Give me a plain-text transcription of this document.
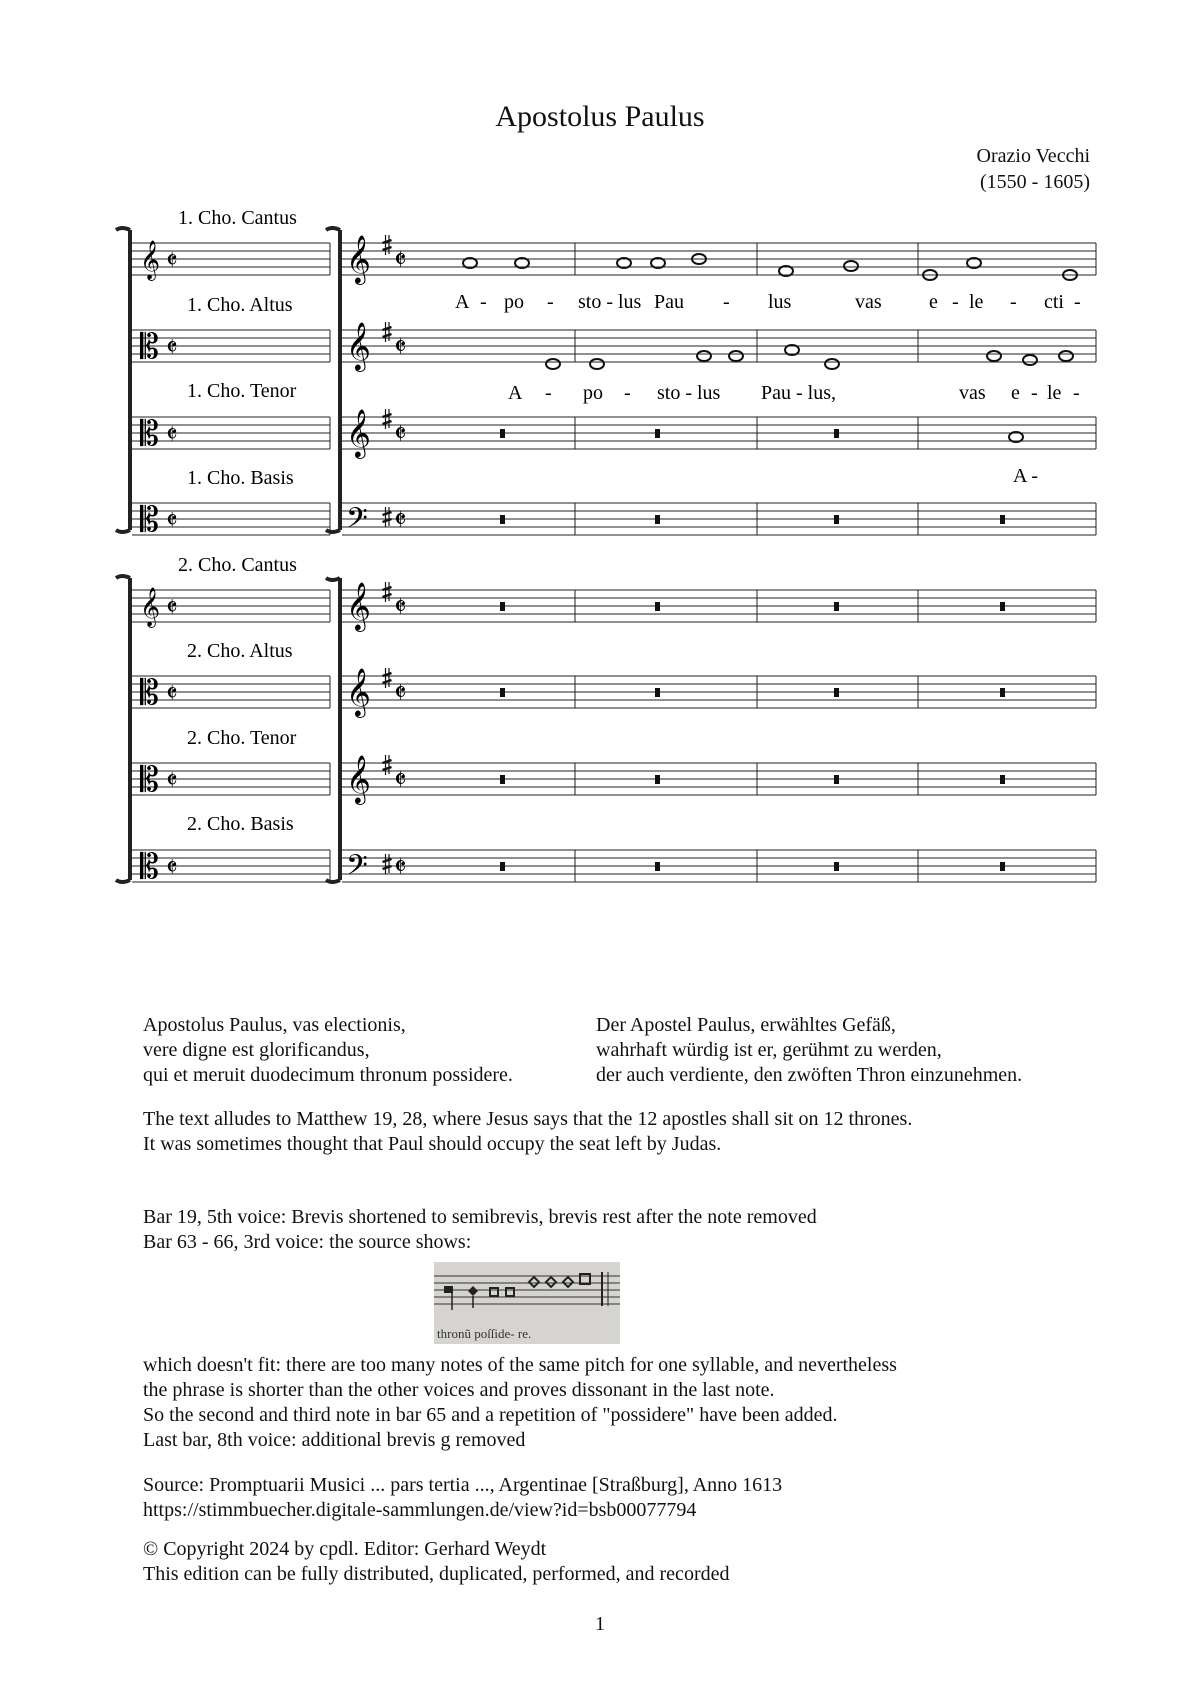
Apostolus Paulus
Orazio Vecchi
(1550 - 1605)
𝄞 𝄵
𝄞 𝄵
𝄞 𝄵
𝄡 𝄵
𝄞 𝄵
𝄡 𝄵
𝄢 𝄵
𝄡 𝄵
𝄞 𝄵
𝄞 𝄵
𝄞 𝄵
𝄡 𝄵
𝄞 𝄵
𝄡 𝄵
𝄢 𝄵
𝄡 𝄵
1. Cho. Cantus
1. Cho. Altus
1. Cho. Tenor
1. Cho. Basis
2. Cho. Cantus
2. Cho. Altus
2. Cho. Tenor
2. Cho. Basis
A - po - sto - lus Pau - lus	vas e - le - cti -
A - po - sto - lus Pau - lus,	vas e - le -
A -
Apostolus Paulus, vas electionis,
vere digne est glorificandus,
qui et meruit duodecimum thronum possidere.
Der Apostel Paulus, erwähltes Gefäß,
wahrhaft würdig ist er, gerühmt zu werden,
der auch verdiente, den zwöften Thron einzunehmen.
The text alludes to Matthew 19, 28, where Jesus says that the 12 apostles shall sit on 12 thrones.
It was sometimes thought that Paul should occupy the seat left by Judas.
Bar 19, 5th voice: Brevis shortened to semibrevis, brevis rest after the note removed
Bar 63 - 66, 3rd voice: the source shows:
thronũ poſſide- re.
which doesn't fit: there are too many notes of the same pitch for one syllable, and nevertheless
the phrase is shorter than the other voices and proves dissonant in the last note.
So the second and third note in bar 65 and a repetition of "possidere" have been added.
Last bar, 8th voice: additional brevis g removed
Source: Promptuarii Musici ... pars tertia ..., Argentinae [Straßburg], Anno 1613
https://stimmbuecher.digitale-sammlungen.de/view?id=bsb00077794
© Copyright 2024 by cpdl. Editor: Gerhard Weydt
This edition can be fully distributed, duplicated, performed, and recorded
1
